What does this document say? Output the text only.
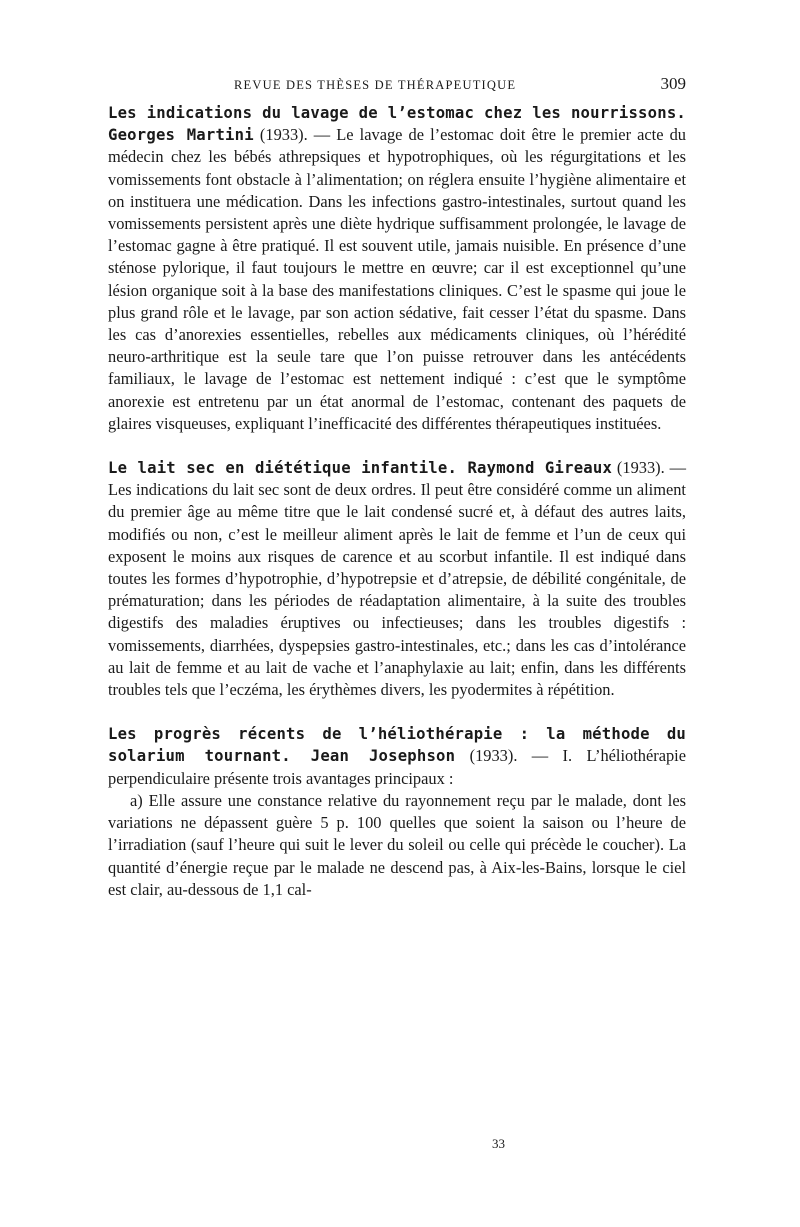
REVUE DES THÈSES DE THÉRAPEUTIQUE	309

Les indications du lavage de l’estomac chez les nourrissons. Georges Martini (1933). — Le lavage de l’estomac doit être le premier acte du médecin chez les bébés athrepsiques et hypotrophiques, où les régurgitations et les vomissements font obstacle à l’alimentation; on réglera ensuite l’hygiène alimentaire et on instituera une médication. Dans les infections gastro-intestinales, surtout quand les vomissements persistent après une diète hydrique suffisamment prolongée, le lavage de l’estomac gagne à être pratiqué. Il est souvent utile, jamais nuisible. En présence d’une sténose pylorique, il faut toujours le mettre en œuvre; car il est exceptionnel qu’une lésion organique soit à la base des manifestations cliniques. C’est le spasme qui joue le plus grand rôle et le lavage, par son action sédative, fait cesser l’état du spasme. Dans les cas d’anorexies essentielles, rebelles aux médicaments cliniques, où l’hérédité neuro-arthritique est la seule tare que l’on puisse retrouver dans les antécédents familiaux, le lavage de l’estomac est nettement indiqué : c’est que le symptôme anorexie est entretenu par un état anormal de l’estomac, contenant des paquets de glaires visqueuses, expliquant l’inefficacité des différentes thérapeutiques instituées.

Le lait sec en diététique infantile. Raymond Gireaux (1933). — Les indications du lait sec sont de deux ordres. Il peut être considéré comme un aliment du premier âge au même titre que le lait condensé sucré et, à défaut des autres laits, modifiés ou non, c’est le meilleur aliment après le lait de femme et l’un de ceux qui exposent le moins aux risques de carence et au scorbut infantile. Il est indiqué dans toutes les formes d’hypotrophie, d’hypotrepsie et d’atrepsie, de débilité congénitale, de prématuration; dans les périodes de réadaptation alimentaire, à la suite des troubles digestifs des maladies éruptives ou infectieuses; dans les troubles digestifs : vomissements, diarrhées, dyspepsies gastro-intestinales, etc.; dans les cas d’intolérance au lait de femme et au lait de vache et l’anaphylaxie au lait; enfin, dans les différents troubles tels que l’eczéma, les érythèmes divers, les pyodermites à répétition.

Les progrès récents de l’héliothérapie : la méthode du solarium tournant. Jean Josephson (1933). — I. L’héliothérapie perpendiculaire présente trois avantages principaux :

a) Elle assure une constance relative du rayonnement reçu par le malade, dont les variations ne dépassent guère 5 p. 100 quelles que soient la saison ou l’heure de l’irradiation (sauf l’heure qui suit le lever du soleil ou celle qui précède le coucher). La quantité d’énergie reçue par le malade ne descend pas, à Aix-les-Bains, lorsque le ciel est clair, au-dessous de 1,1 cal-

33
